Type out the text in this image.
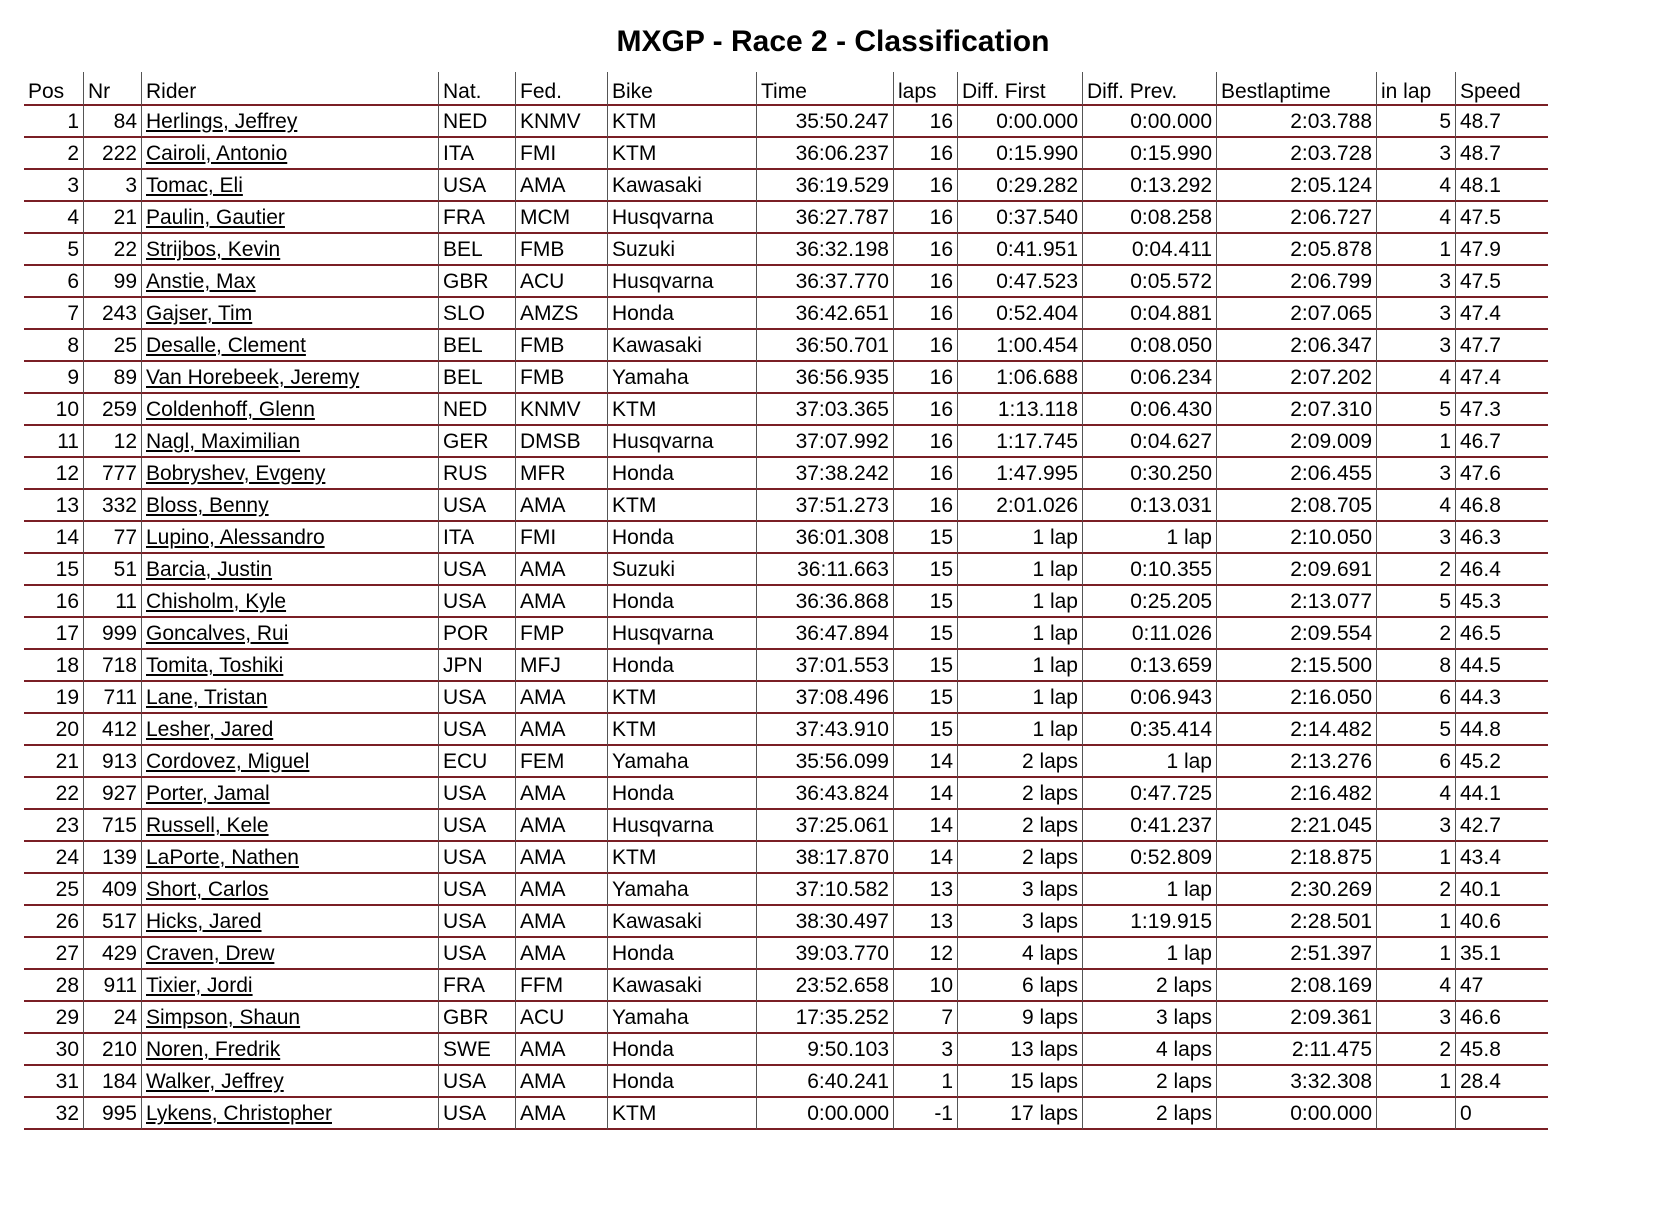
MXGP - Race 2 - Classification
Pos	Nr	Rider	Nat.	Fed.	Bike	Time	laps	Diff. First	Diff. Prev.	Bestlaptime	in lap	Speed
1	84	Herlings, Jeffrey	NED	KNMV	KTM	35:50.247	16	0:00.000	0:00.000	2:03.788	5	48.7
2	222	Cairoli, Antonio	ITA	FMI	KTM	36:06.237	16	0:15.990	0:15.990	2:03.728	3	48.7
3	3	Tomac, Eli	USA	AMA	Kawasaki	36:19.529	16	0:29.282	0:13.292	2:05.124	4	48.1
4	21	Paulin, Gautier	FRA	MCM	Husqvarna	36:27.787	16	0:37.540	0:08.258	2:06.727	4	47.5
5	22	Strijbos, Kevin	BEL	FMB	Suzuki	36:32.198	16	0:41.951	0:04.411	2:05.878	1	47.9
6	99	Anstie, Max	GBR	ACU	Husqvarna	36:37.770	16	0:47.523	0:05.572	2:06.799	3	47.5
7	243	Gajser, Tim	SLO	AMZS	Honda	36:42.651	16	0:52.404	0:04.881	2:07.065	3	47.4
8	25	Desalle, Clement	BEL	FMB	Kawasaki	36:50.701	16	1:00.454	0:08.050	2:06.347	3	47.7
9	89	Van Horebeek, Jeremy	BEL	FMB	Yamaha	36:56.935	16	1:06.688	0:06.234	2:07.202	4	47.4
10	259	Coldenhoff, Glenn	NED	KNMV	KTM	37:03.365	16	1:13.118	0:06.430	2:07.310	5	47.3
11	12	Nagl, Maximilian	GER	DMSB	Husqvarna	37:07.992	16	1:17.745	0:04.627	2:09.009	1	46.7
12	777	Bobryshev, Evgeny	RUS	MFR	Honda	37:38.242	16	1:47.995	0:30.250	2:06.455	3	47.6
13	332	Bloss, Benny	USA	AMA	KTM	37:51.273	16	2:01.026	0:13.031	2:08.705	4	46.8
14	77	Lupino, Alessandro	ITA	FMI	Honda	36:01.308	15	1 lap	1 lap	2:10.050	3	46.3
15	51	Barcia, Justin	USA	AMA	Suzuki	36:11.663	15	1 lap	0:10.355	2:09.691	2	46.4
16	11	Chisholm, Kyle	USA	AMA	Honda	36:36.868	15	1 lap	0:25.205	2:13.077	5	45.3
17	999	Goncalves, Rui	POR	FMP	Husqvarna	36:47.894	15	1 lap	0:11.026	2:09.554	2	46.5
18	718	Tomita, Toshiki	JPN	MFJ	Honda	37:01.553	15	1 lap	0:13.659	2:15.500	8	44.5
19	711	Lane, Tristan	USA	AMA	KTM	37:08.496	15	1 lap	0:06.943	2:16.050	6	44.3
20	412	Lesher, Jared	USA	AMA	KTM	37:43.910	15	1 lap	0:35.414	2:14.482	5	44.8
21	913	Cordovez, Miguel	ECU	FEM	Yamaha	35:56.099	14	2 laps	1 lap	2:13.276	6	45.2
22	927	Porter, Jamal	USA	AMA	Honda	36:43.824	14	2 laps	0:47.725	2:16.482	4	44.1
23	715	Russell, Kele	USA	AMA	Husqvarna	37:25.061	14	2 laps	0:41.237	2:21.045	3	42.7
24	139	LaPorte, Nathen	USA	AMA	KTM	38:17.870	14	2 laps	0:52.809	2:18.875	1	43.4
25	409	Short, Carlos	USA	AMA	Yamaha	37:10.582	13	3 laps	1 lap	2:30.269	2	40.1
26	517	Hicks, Jared	USA	AMA	Kawasaki	38:30.497	13	3 laps	1:19.915	2:28.501	1	40.6
27	429	Craven, Drew	USA	AMA	Honda	39:03.770	12	4 laps	1 lap	2:51.397	1	35.1
28	911	Tixier, Jordi	FRA	FFM	Kawasaki	23:52.658	10	6 laps	2 laps	2:08.169	4	47
29	24	Simpson, Shaun	GBR	ACU	Yamaha	17:35.252	7	9 laps	3 laps	2:09.361	3	46.6
30	210	Noren, Fredrik	SWE	AMA	Honda	9:50.103	3	13 laps	4 laps	2:11.475	2	45.8
31	184	Walker, Jeffrey	USA	AMA	Honda	6:40.241	1	15 laps	2 laps	3:32.308	1	28.4
32	995	Lykens, Christopher	USA	AMA	KTM	0:00.000	-1	17 laps	2 laps	0:00.000		0
